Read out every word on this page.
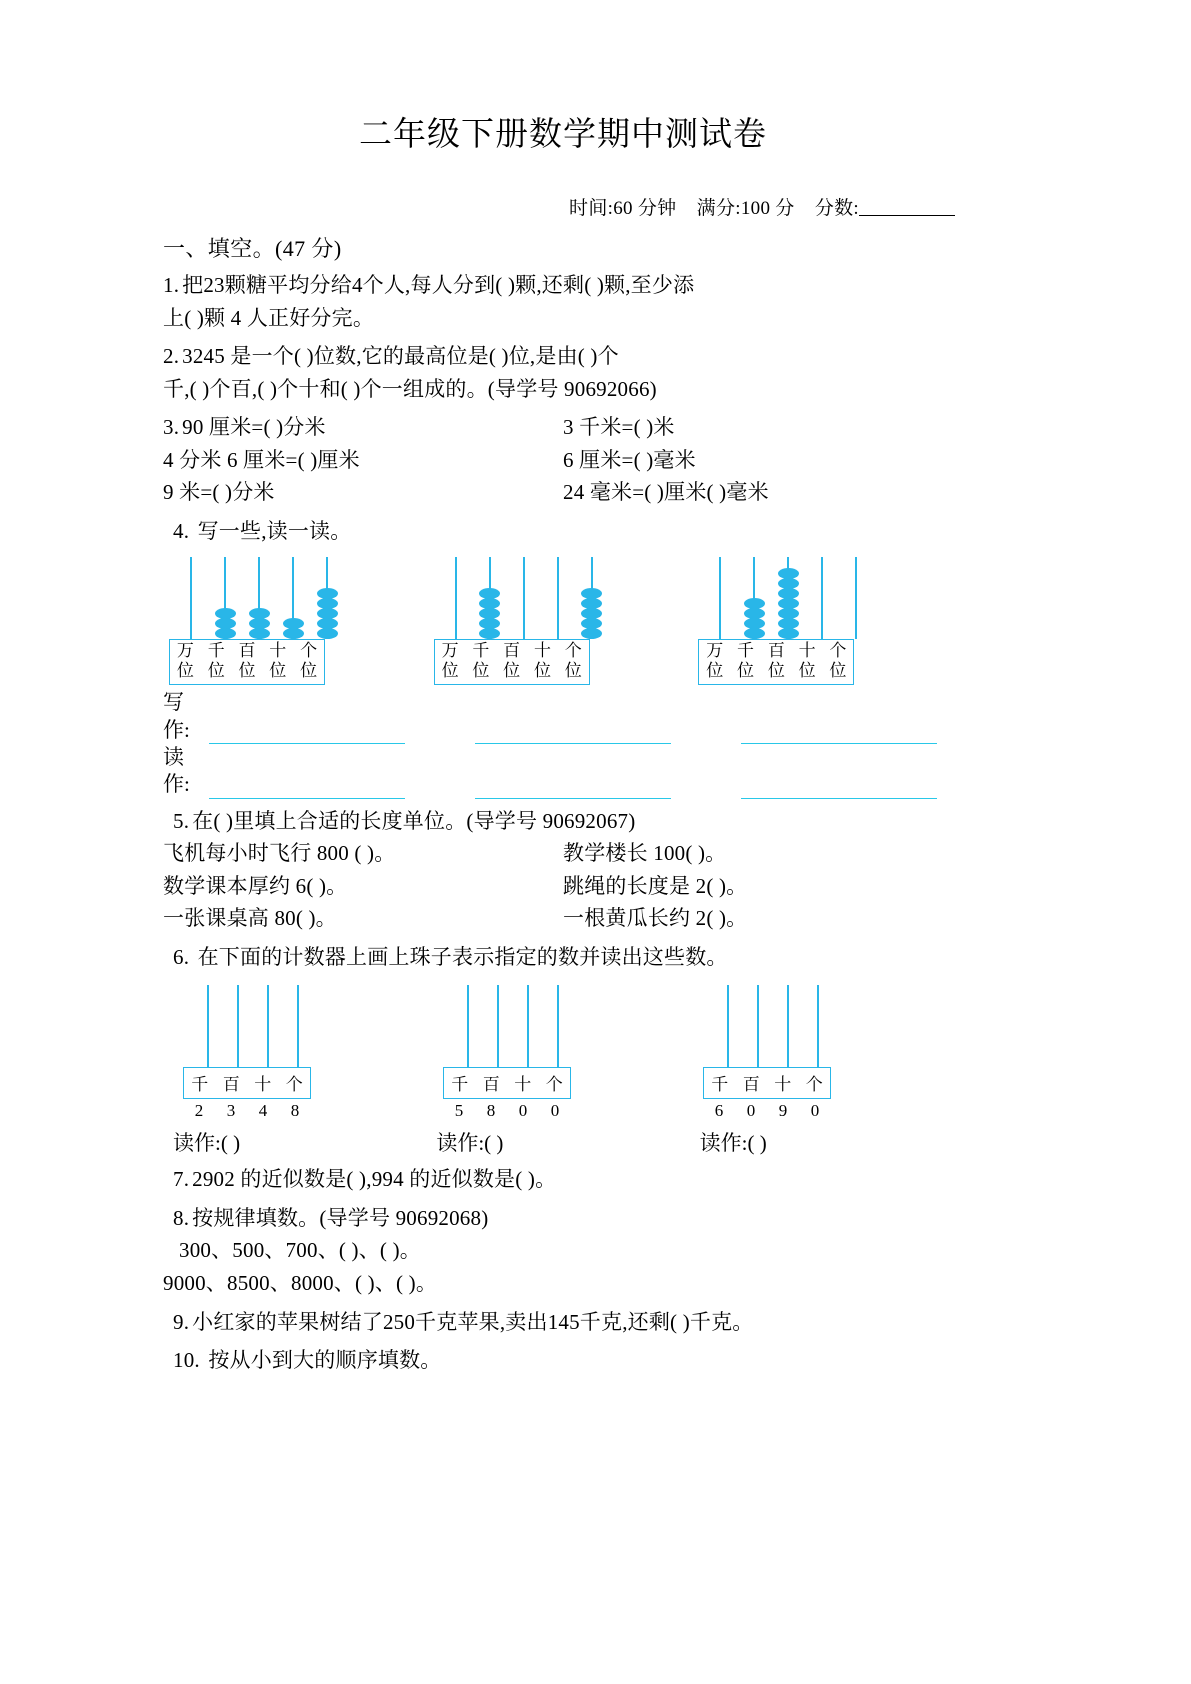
二年级下册数学期中测试卷
时间:60 分钟 满分:100 分 分数:
一、填空。(47 分)
1. 把23颗糖平均分给4个人,每人分到( )颗,还剩( )颗,至少添
上( )颗 4 人正好分完。
2. 3245 是一个( )位数,它的最高位是( )位,是由( )个
千,( )个百,( )个十和( )个一组成的。(导学号 90692066)
3. 90 厘米=( )分米	3 千米=( )米
4 分米 6 厘米=( )厘米	6 厘米=( )毫米
9 米=( )分米	24 毫米=( )厘米( )毫米
4. 写一些,读一读。
万 千 百 十 个
位 位 位 位 位
万 千 百 十 个
位 位 位 位 位
万 千 百 十 个
位 位 位 位 位
写作:
读作:
5. 在( )里填上合适的长度单位。(导学号 90692067)
飞机每小时飞行 800 ( )。	教学楼长 100( )。
数学课本厚约 6( )。	跳绳的长度是 2( )。
一张课桌高 80( )。	一根黄瓜长约 2( )。
6. 在下面的计数器上画上珠子表示指定的数并读出这些数。
千 百 十 个
2	3	4	8
千 百 十 个
5	8	0	0
千 百 十 个
6	0	9	0
读作:( )	读作:( )	读作:( )
7. 2902 的近似数是( ),994 的近似数是( )。
8. 按规律填数。(导学号 90692068)
300、500、700、( )、( )。
9000、8500、8000、( )、( )。
9. 小红家的苹果树结了250千克苹果,卖出145千克,还剩( )千克。
10. 按从小到大的顺序填数。
